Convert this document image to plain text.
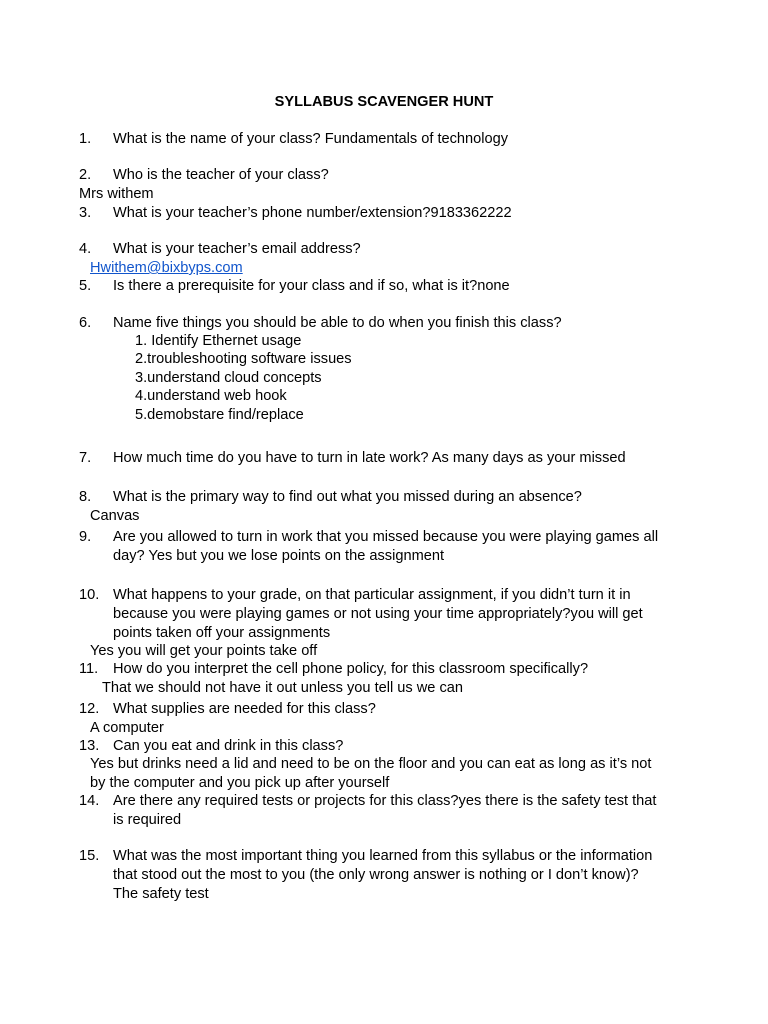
SYLLABUS SCAVENGER HUNT
1. What is the name of your class? Fundamentals of technology
2. Who is the teacher of your class?
Mrs withem
3. What is your teacher’s phone number/extension?9183362222
4. What is your teacher’s email address?
Hwithem@bixbyps.com
5. Is there a prerequisite for your class and if so, what is it?none
6. Name five things you should be able to do when you finish this class?
1. Identify Ethernet usage
2.troubleshooting software issues
3.understand cloud concepts
4.understand web hook
5.demobstare find/replace
7. How much time do you have to turn in late work? As many days as your missed
8. What is the primary way to find out what you missed during an absence?
Canvas
9. Are you allowed to turn in work that you missed because you were playing games all
day? Yes but you we lose points on the assignment
10. What happens to your grade, on that particular assignment, if you didn’t turn it in
because you were playing games or not using your time appropriately?you will get
points taken off your assignments
Yes you will get your points take off
11. How do you interpret the cell phone policy, for this classroom specifically?
That we should not have it out unless you tell us we can
12. What supplies are needed for this class?
A computer
13. Can you eat and drink in this class?
Yes but drinks need a lid and need to be on the floor and you can eat as long as it’s not
by the computer and you pick up after yourself
14. Are there any required tests or projects for this class?yes there is the safety test that
is required
15. What was the most important thing you learned from this syllabus or the information
that stood out the most to you (the only wrong answer is nothing or I don’t know)?
The safety test
